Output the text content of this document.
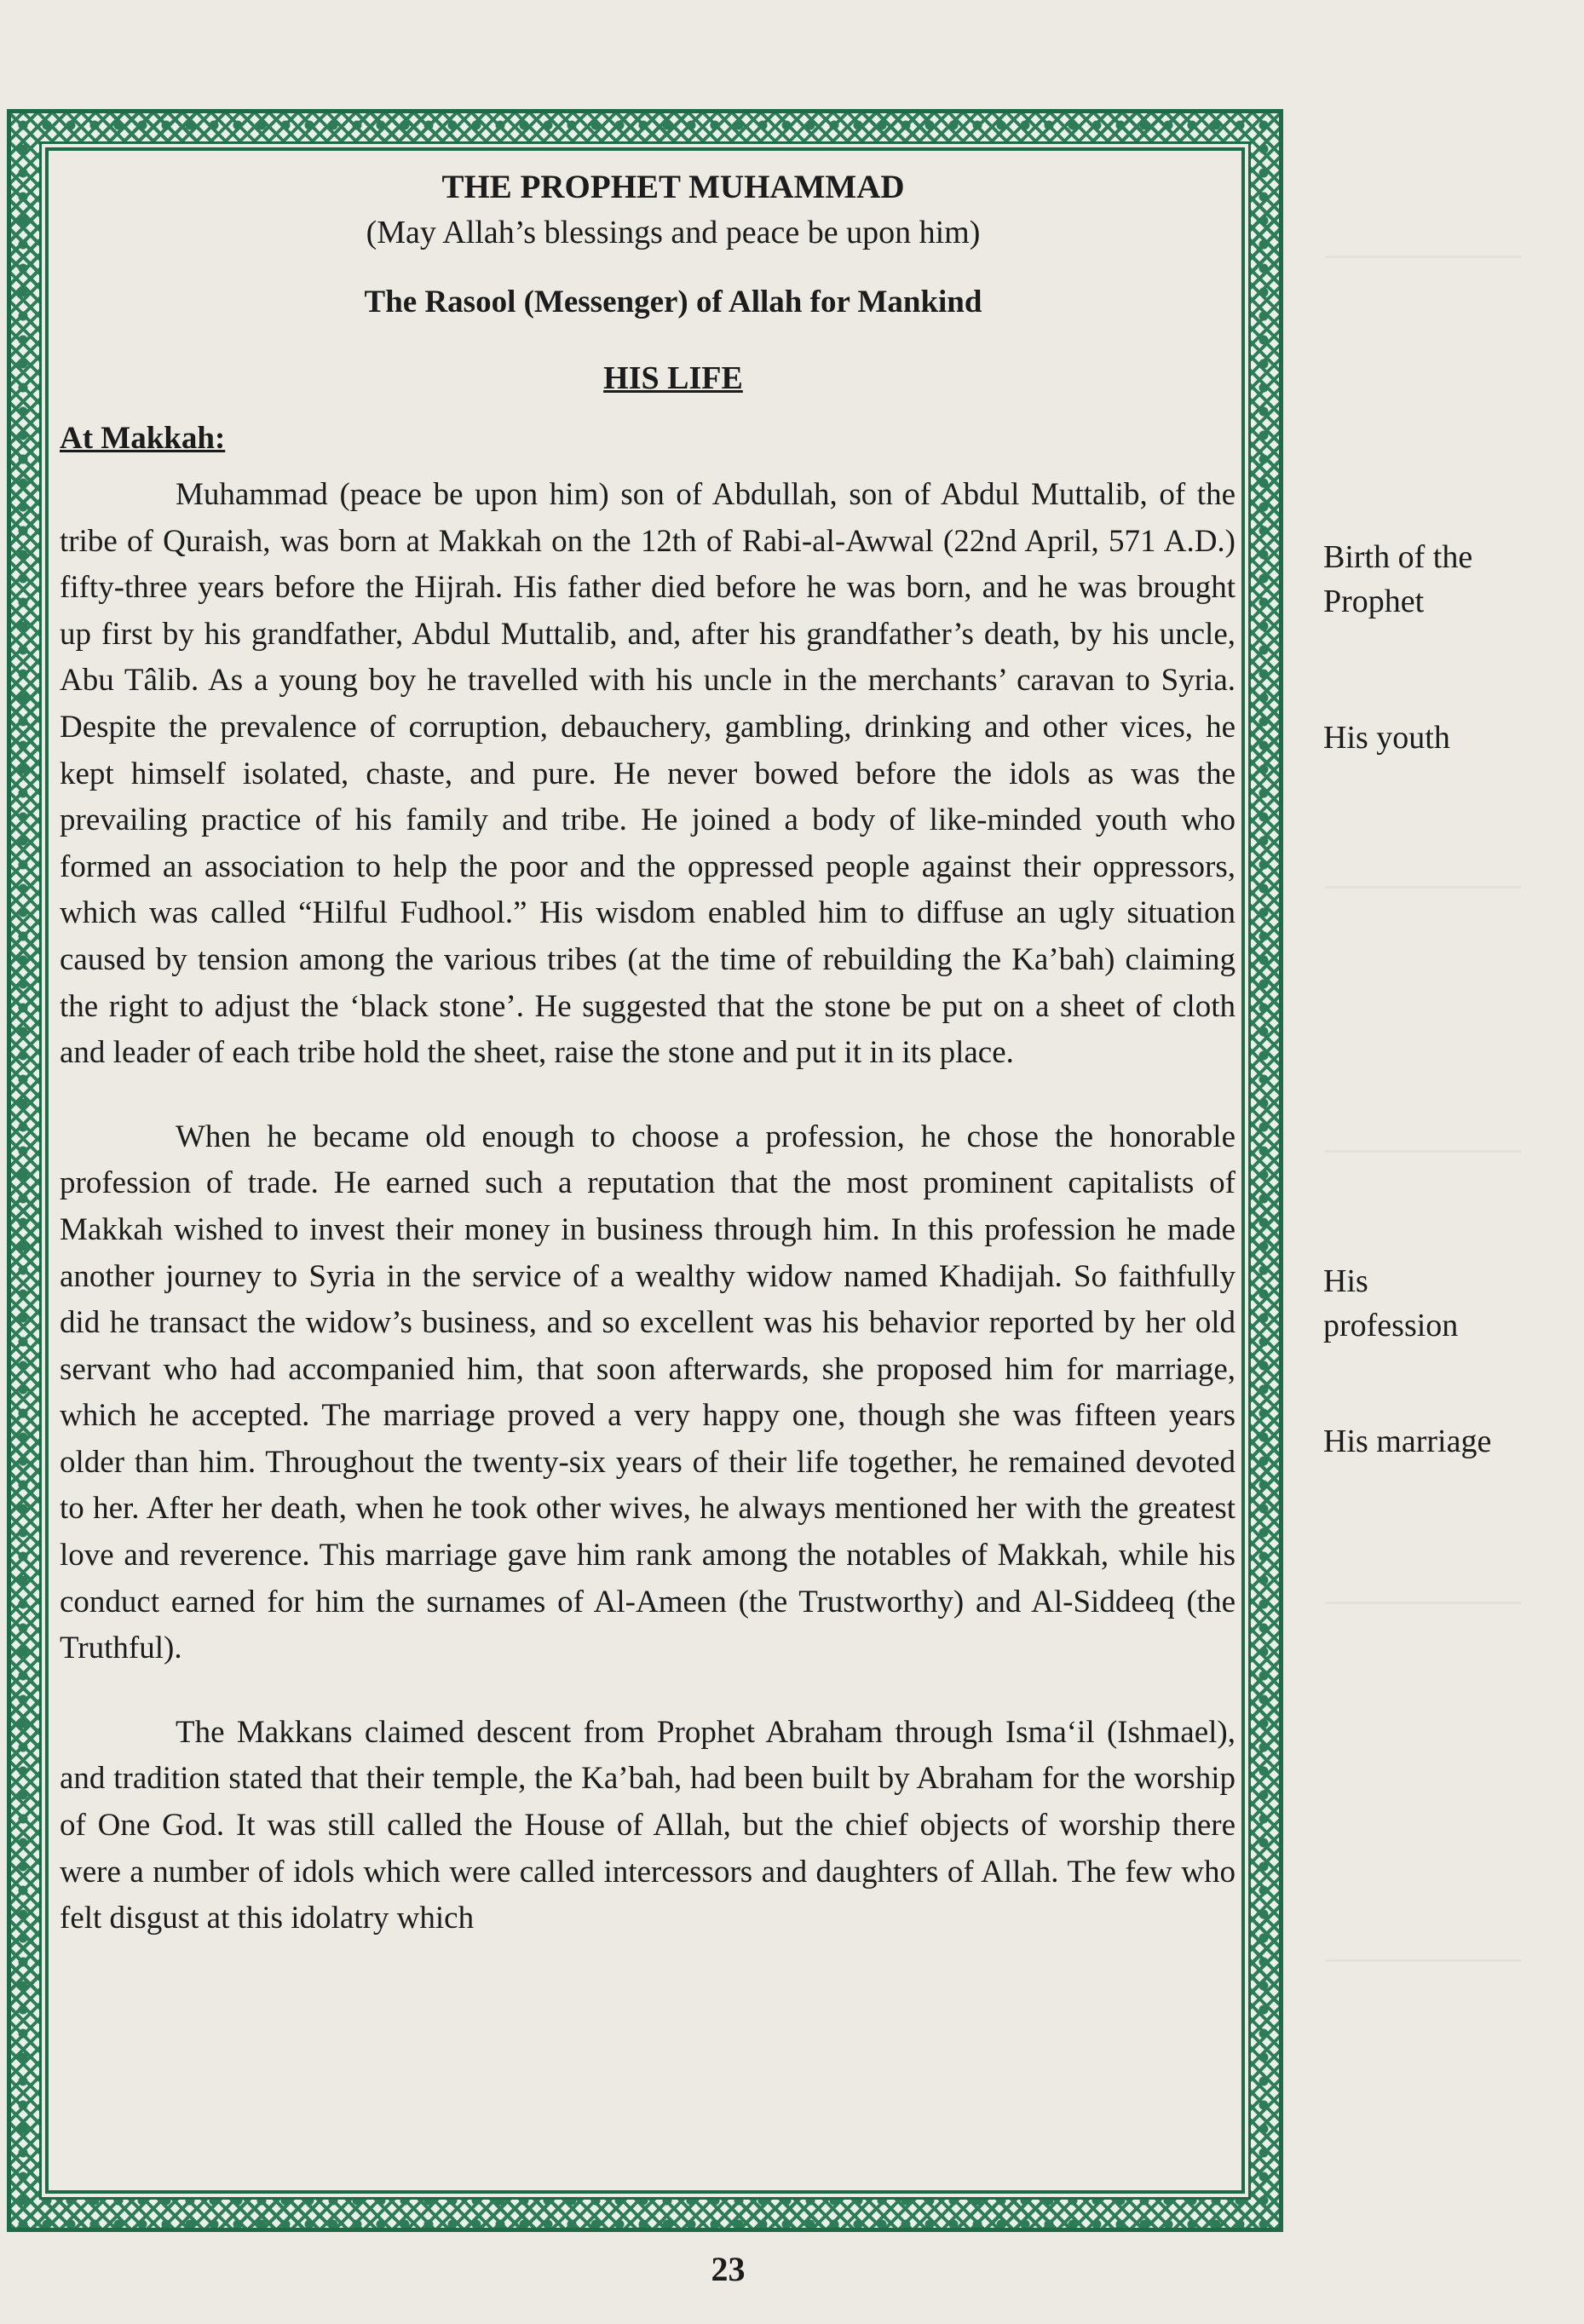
THE PROPHET MUHAMMAD

(May Allah’s blessings and peace be upon him)

The Rasool (Messenger) of Allah for Mankind

HIS LIFE

At Makkah:

Muhammad (peace be upon him) son of Abdullah, son of Abdul Muttalib, of the tribe of Quraish, was born at Makkah on the 12th of Rabi-al-Awwal (22nd April, 571 A.D.) fifty-three years before the Hijrah. His father died before he was born, and he was brought up first by his grandfather, Abdul Muttalib, and, after his grandfather’s death, by his uncle, Abu Tâlib. As a young boy he travelled with his uncle in the merchants’ caravan to Syria. Despite the prevalence of corruption, debauchery, gambling, drinking and other vices, he kept himself isolated, chaste, and pure. He never bowed before the idols as was the prevailing practice of his family and tribe. He joined a body of like-minded youth who formed an association to help the poor and the oppressed people against their oppressors, which was called “Hilful Fudhool.” His wisdom enabled him to diffuse an ugly situation caused by tension among the various tribes (at the time of rebuilding the Ka’bah) claiming the right to adjust the ‘black stone’. He suggested that the stone be put on a sheet of cloth and leader of each tribe hold the sheet, raise the stone and put it in its place.

When he became old enough to choose a profession, he chose the honorable profession of trade. He earned such a reputation that the most prominent capitalists of Makkah wished to invest their money in business through him. In this profession he made another journey to Syria in the service of a wealthy widow named Khadijah. So faithfully did he transact the widow’s business, and so excellent was his behavior reported by her old servant who had accompanied him, that soon afterwards, she proposed him for marriage, which he accepted. The marriage proved a very happy one, though she was fifteen years older than him. Throughout the twenty-six years of their life together, he remained devoted to her. After her death, when he took other wives, he always mentioned her with the greatest love and reverence. This marriage gave him rank among the notables of Makkah, while his conduct earned for him the surnames of Al-Ameen (the Trustworthy) and Al-Siddeeq (the Truthful).

The Makkans claimed descent from Prophet Abraham through Isma‘il (Ishmael), and tradition stated that their temple, the Ka’bah, had been built by Abraham for the worship of One God. It was still called the House of Allah, but the chief objects of worship there were a number of idols which were called intercessors and daughters of Allah. The few who felt disgust at this idolatry which

Birth of the Prophet
His youth
His profession
His marriage
23
